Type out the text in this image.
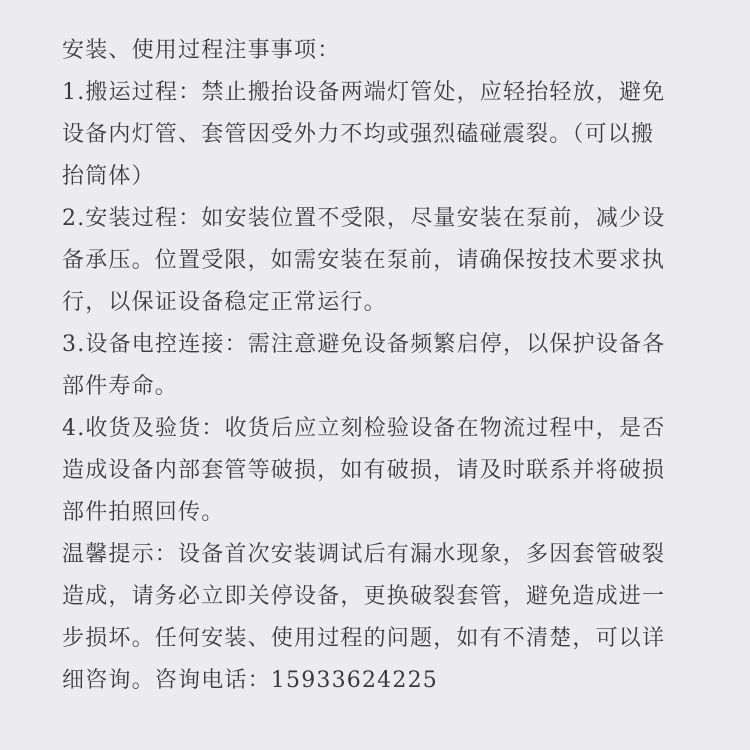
安装、使用过程注事事项：
1.搬运过程：禁止搬抬设备两端灯管处，应轻抬轻放，避免
设备内灯管、套管因受外力不均或强烈磕碰震裂。（可以搬
抬筒体）
2.安装过程：如安装位置不受限，尽量安装在泵前，减少设
备承压。位置受限，如需安装在泵前，请确保按技术要求执
行，以保证设备稳定正常运行。
3.设备电控连接：需注意避免设备频繁启停，以保护设备各
部件寿命。
4.收货及验货：收货后应立刻检验设备在物流过程中，是否
造成设备内部套管等破损，如有破损，请及时联系并将破损
部件拍照回传。
温馨提示：设备首次安装调试后有漏水现象，多因套管破裂
造成，请务必立即关停设备，更换破裂套管，避免造成进一
步损坏。任何安装、使用过程的问题，如有不清楚，可以详
细咨询。咨询电话：15933624225
